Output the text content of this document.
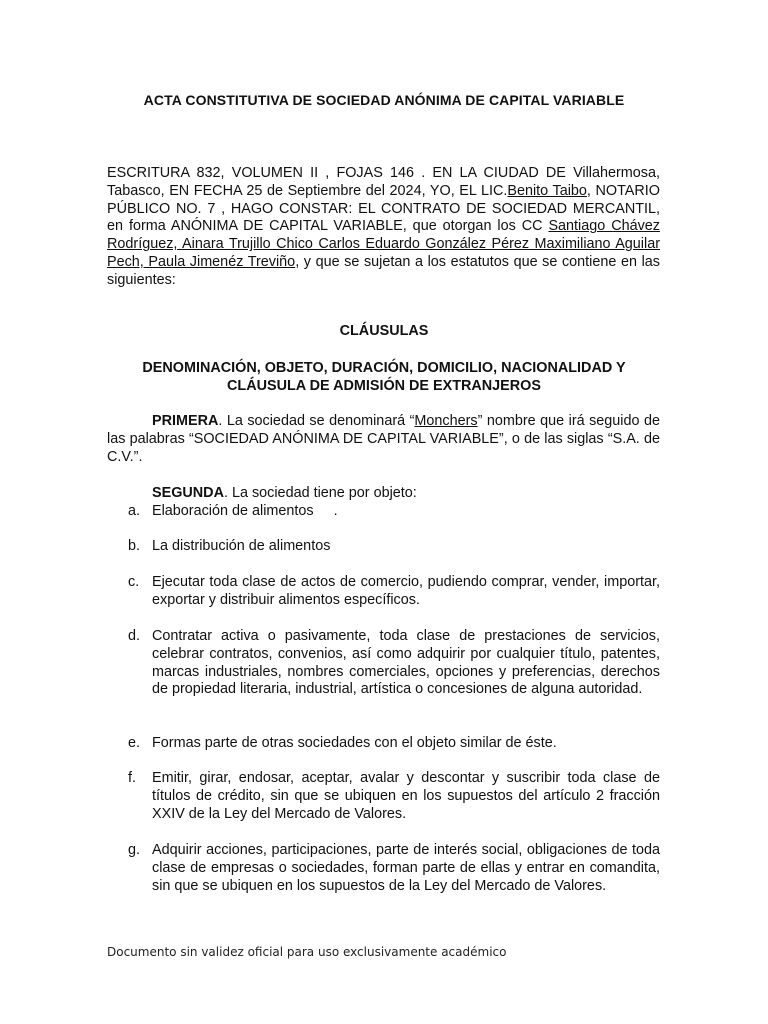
ACTA CONSTITUTIVA DE SOCIEDAD ANÓNIMA DE CAPITAL VARIABLE
ESCRITURA 832, VOLUMEN II , FOJAS 146 . EN LA CIUDAD DE Villahermosa, Tabasco, EN FECHA 25 de Septiembre del 2024, YO, EL LIC.Benito Taibo, NOTARIO PÚBLICO NO. 7 , HAGO CONSTAR: EL CONTRATO DE SOCIEDAD MERCANTIL, en forma ANÓNIMA DE CAPITAL VARIABLE, que otorgan los CC Santiago Chávez Rodríguez, Ainara Trujillo Chico Carlos Eduardo González Pérez Maximiliano Aguilar Pech, Paula Jimenéz Treviño, y que se sujetan a los estatutos que se contiene en las siguientes:
CLÁUSULAS
DENOMINACIÓN, OBJETO, DURACIÓN, DOMICILIO, NACIONALIDAD Y
CLÁUSULA DE ADMISIÓN DE EXTRANJEROS
PRIMERA. La sociedad se denominará “Monchers” nombre que irá seguido de las palabras “SOCIEDAD ANÓNIMA DE CAPITAL VARIABLE”, o de las siglas “S.A. de C.V.”.
SEGUNDA. La sociedad tiene por objeto:
a. Elaboración de alimentos     .
b. La distribución de alimentos
c. Ejecutar toda clase de actos de comercio, pudiendo comprar, vender, importar, exportar y distribuir alimentos específicos.
d. Contratar activa o pasivamente, toda clase de prestaciones de servicios, celebrar contratos, convenios, así como adquirir por cualquier título, patentes, marcas industriales, nombres comerciales, opciones y preferencias, derechos de propiedad literaria, industrial, artística o concesiones de alguna autoridad.
e. Formas parte de otras sociedades con el objeto similar de éste.
f. Emitir, girar, endosar, aceptar, avalar y descontar y suscribir toda clase de títulos de crédito, sin que se ubiquen en los supuestos del artículo 2 fracción XXIV de la Ley del Mercado de Valores.
g. Adquirir acciones, participaciones, parte de interés social, obligaciones de toda clase de empresas o sociedades, forman parte de ellas y entrar en comandita, sin que se ubiquen en los supuestos de la Ley del Mercado de Valores.
Documento sin validez oficial para uso exclusivamente académico
